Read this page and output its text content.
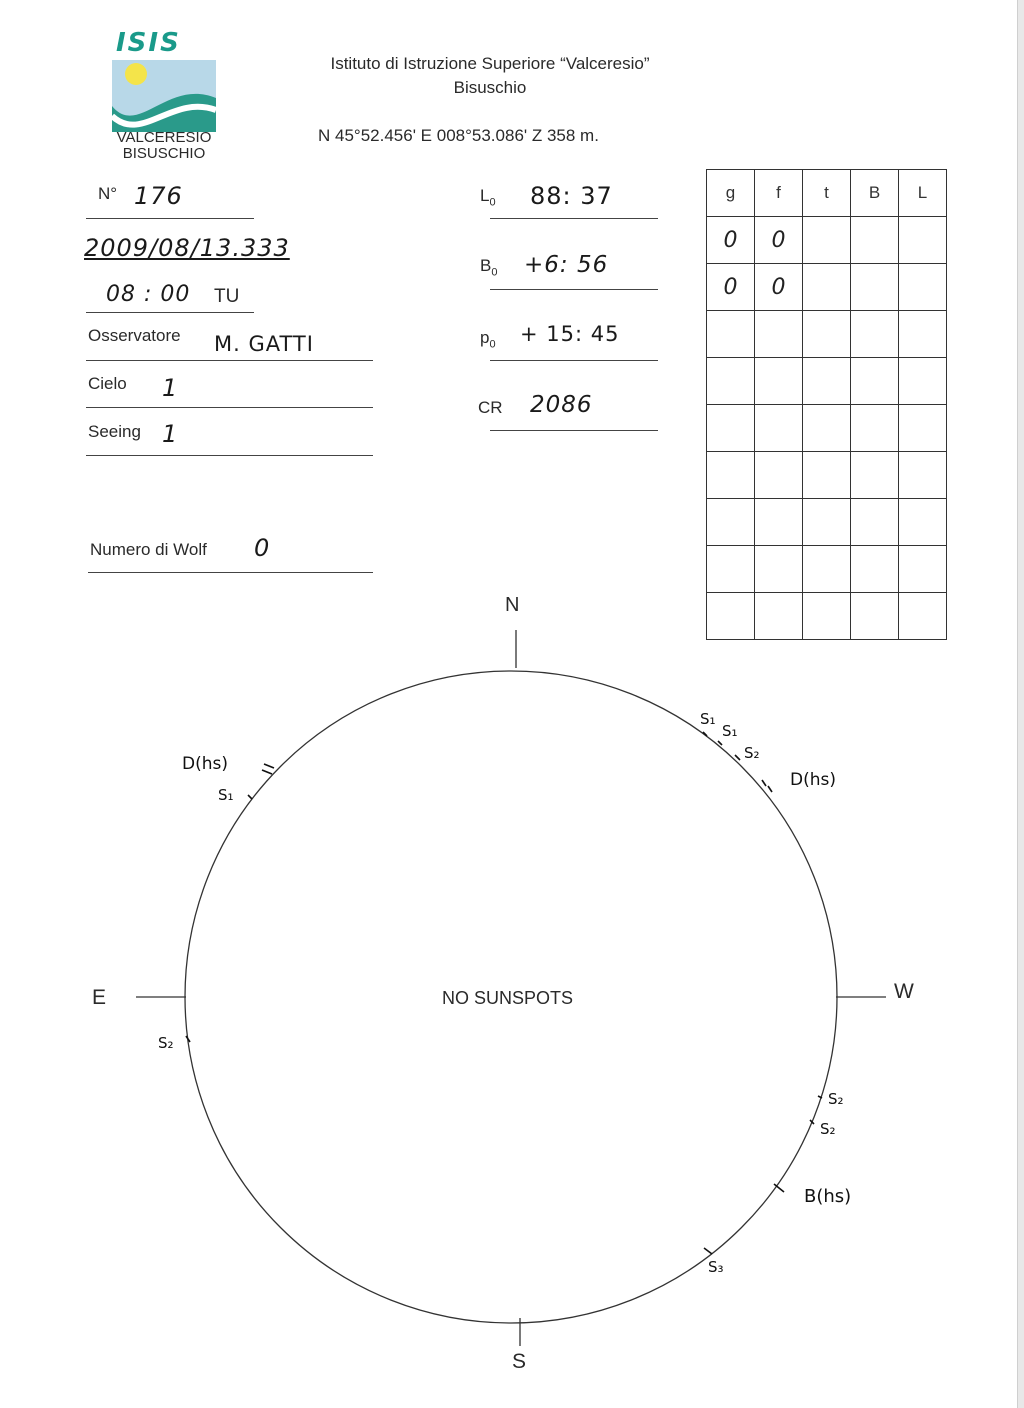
ISIS
VALCERESIO
BISUSCHIO
Istituto di Istruzione Superiore “Valceresio”
Bisuschio
N 45°52.456' E 008°53.086' Z 358 m.
N° 176
2009/08/13.333
08 : 00 TU
Osservatore M. GATTI
Cielo 1
Seeing 1
Numero di Wolf 0
$L_0$ 88: 37
$B_0 +6$: 56
$p_0 + 15$: 45
CR 2086
g	f	t	B	L
0	0			
0	0			

N
S
E	W
NO SUNSPOTS
S₁
S₁
S₂
D(hs)
D(hs)
S₁
S₂
S₂
S₂
B(hs)
S₃
